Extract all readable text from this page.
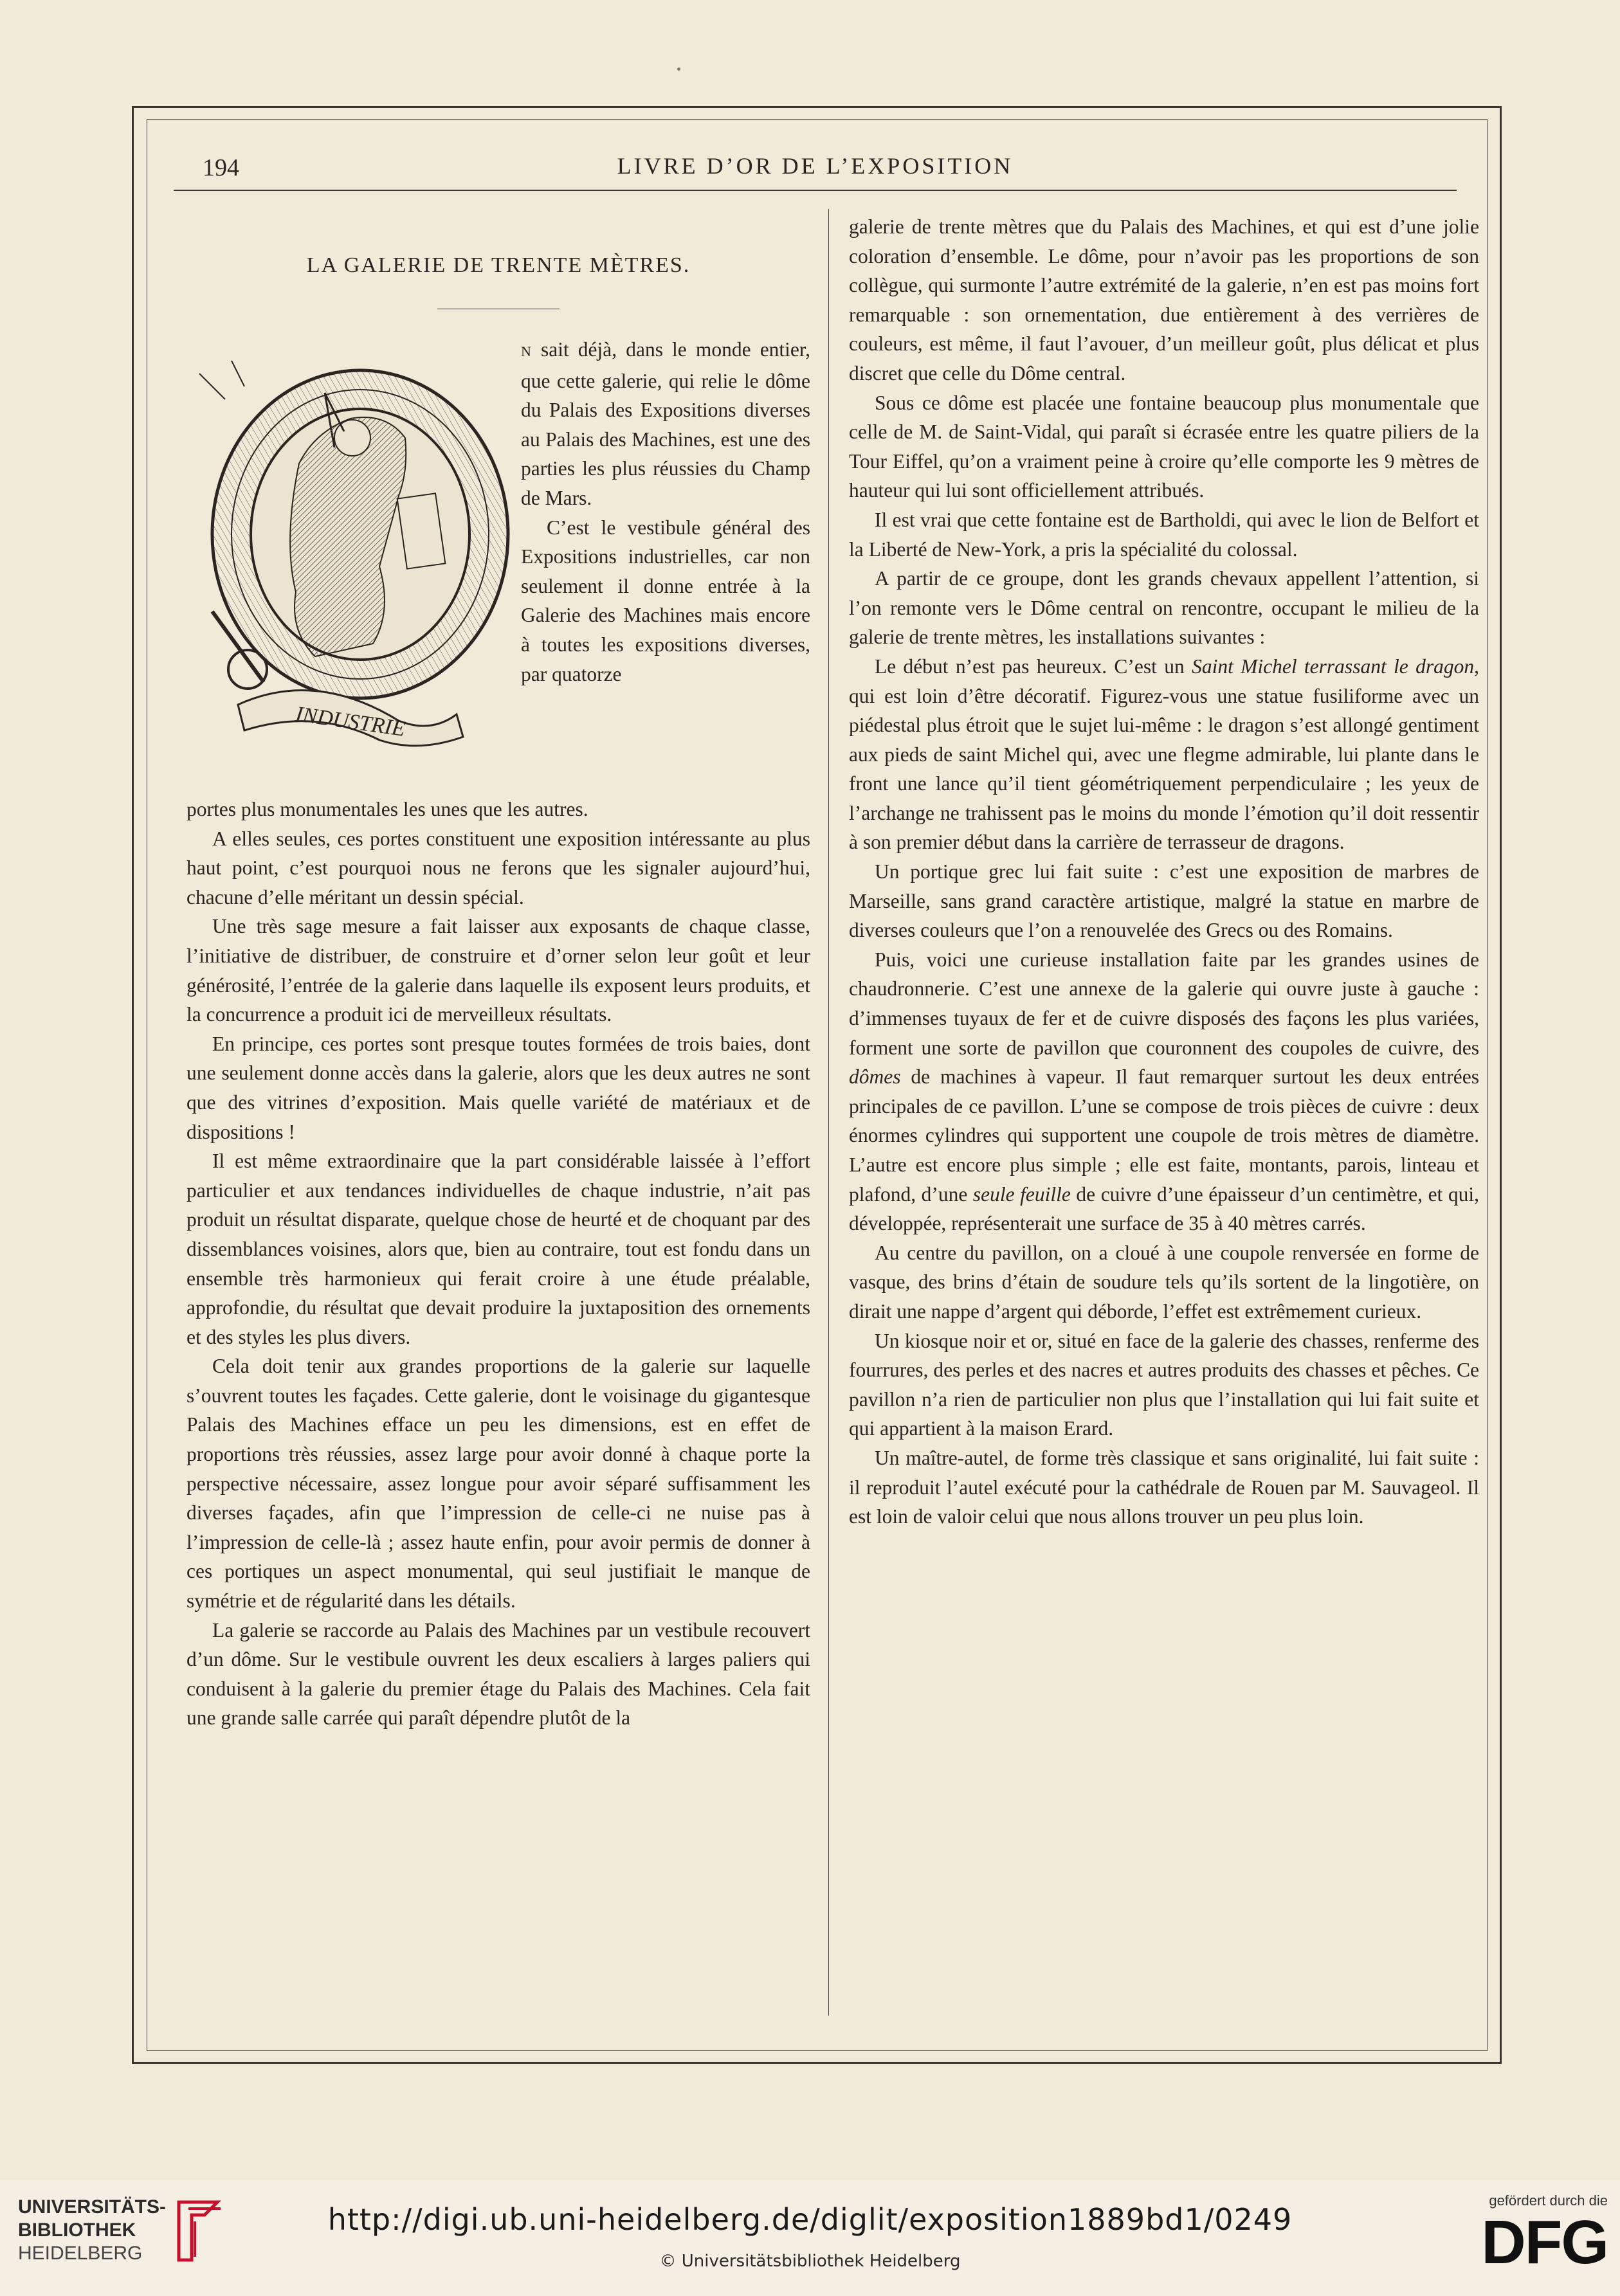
194	LIVRE D’OR DE L’EXPOSITION
LA GALERIE DE TRENTE MÈTRES.
INDUSTRIE

N sait déjà, dans le monde entier, que cette galerie, qui relie le dôme du Palais des Expositions diverses au Palais des Machines, est une des parties les plus réussies du Champ de Mars.

C’est le vestibule général des Expositions industrielles, car non seulement il donne entrée à la Galerie des Machines mais encore à toutes les expositions diverses, par quatorze

portes plus monumentales les unes que les autres.

A elles seules, ces portes constituent une exposition intéressante au plus haut point, c’est pourquoi nous ne ferons que les signaler aujourd’hui, chacune d’elle méritant un dessin spécial.

Une très sage mesure a fait laisser aux exposants de chaque classe, l’initiative de distribuer, de construire et d’orner selon leur goût et leur générosité, l’entrée de la galerie dans laquelle ils exposent leurs produits, et la concurrence a produit ici de merveilleux résultats.

En principe, ces portes sont presque toutes formées de trois baies, dont une seulement donne accès dans la galerie, alors que les deux autres ne sont que des vitrines d’exposition. Mais quelle variété de matériaux et de dispositions !

Il est même extraordinaire que la part considérable laissée à l’effort particulier et aux tendances individuelles de chaque industrie, n’ait pas produit un résultat disparate, quelque chose de heurté et de choquant par des dissemblances voisines, alors que, bien au contraire, tout est fondu dans un ensemble très harmonieux qui ferait croire à une étude préalable, approfondie, du résultat que devait produire la juxtaposition des ornements et des styles les plus divers.

Cela doit tenir aux grandes proportions de la galerie sur laquelle s’ouvrent toutes les façades. Cette galerie, dont le voisinage du gigantesque Palais des Machines efface un peu les dimensions, est en effet de proportions très réussies, assez large pour avoir donné à chaque porte la perspective nécessaire, assez longue pour avoir séparé suffisamment les diverses façades, afin que l’impression de celle-ci ne nuise pas à l’impression de celle-là ; assez haute enfin, pour avoir permis de donner à ces portiques un aspect monumental, qui seul justifiait le manque de symétrie et de régularité dans les détails.

La galerie se raccorde au Palais des Machines par un vestibule recouvert d’un dôme. Sur le vestibule ouvrent les deux escaliers à larges paliers qui conduisent à la galerie du premier étage du Palais des Machines. Cela fait une grande salle carrée qui paraît dépendre plutôt de la

galerie de trente mètres que du Palais des Machines, et qui est d’une jolie coloration d’ensemble. Le dôme, pour n’avoir pas les proportions de son collègue, qui surmonte l’autre extrémité de la galerie, n’en est pas moins fort remarquable : son ornementation, due entièrement à des verrières de couleurs, est même, il faut l’avouer, d’un meilleur goût, plus délicat et plus discret que celle du Dôme central.

Sous ce dôme est placée une fontaine beaucoup plus monumentale que celle de M. de Saint-Vidal, qui paraît si écrasée entre les quatre piliers de la Tour Eiffel, qu’on a vraiment peine à croire qu’elle comporte les 9 mètres de hauteur qui lui sont officiellement attribués.

Il est vrai que cette fontaine est de Bartholdi, qui avec le lion de Belfort et la Liberté de New-York, a pris la spécialité du colossal.

A partir de ce groupe, dont les grands chevaux appellent l’attention, si l’on remonte vers le Dôme central on rencontre, occupant le milieu de la galerie de trente mètres, les installations suivantes :

Le début n’est pas heureux. C’est un Saint Michel terrassant le dragon, qui est loin d’être décoratif. Figurez-vous une statue fusiliforme avec un piédestal plus étroit que le sujet lui-même : le dragon s’est allongé gentiment aux pieds de saint Michel qui, avec une flegme admirable, lui plante dans le front une lance qu’il tient géométriquement perpendiculaire ; les yeux de l’archange ne trahissent pas le moins du monde l’émotion qu’il doit ressentir à son premier début dans la carrière de terrasseur de dragons.

Un portique grec lui fait suite : c’est une exposition de marbres de Marseille, sans grand caractère artistique, malgré la statue en marbre de diverses couleurs que l’on a renouvelée des Grecs ou des Romains.

Puis, voici une curieuse installation faite par les grandes usines de chaudronnerie. C’est une annexe de la galerie qui ouvre juste à gauche : d’immenses tuyaux de fer et de cuivre disposés des façons les plus variées, forment une sorte de pavillon que couronnent des coupoles de cuivre, des dômes de machines à vapeur. Il faut remarquer surtout les deux entrées principales de ce pavillon. L’une se compose de trois pièces de cuivre : deux énormes cylindres qui supportent une coupole de trois mètres de diamètre. L’autre est encore plus simple ; elle est faite, montants, parois, linteau et plafond, d’une seule feuille de cuivre d’une épaisseur d’un centimètre, et qui, développée, représenterait une surface de 35 à 40 mètres carrés.

Au centre du pavillon, on a cloué à une coupole renversée en forme de vasque, des brins d’étain de soudure tels qu’ils sortent de la lingotière, on dirait une nappe d’argent qui déborde, l’effet est extrêmement curieux.

Un kiosque noir et or, situé en face de la galerie des chasses, renferme des fourrures, des perles et des nacres et autres produits des chasses et pêches. Ce pavillon n’a rien de particulier non plus que l’installation qui lui fait suite et qui appartient à la maison Erard.

Un maître-autel, de forme très classique et sans originalité, lui fait suite : il reproduit l’autel exécuté pour la cathédrale de Rouen par M. Sauvageol. Il est loin de valoir celui que nous allons trouver un peu plus loin.

UNIVERSITÄTS-
BIBLIOTHEK
HEIDELBERG
http://digi.ub.uni-heidelberg.de/diglit/exposition1889bd1/0249
© Universitätsbibliothek Heidelberg
gefördert durch die
DFG
